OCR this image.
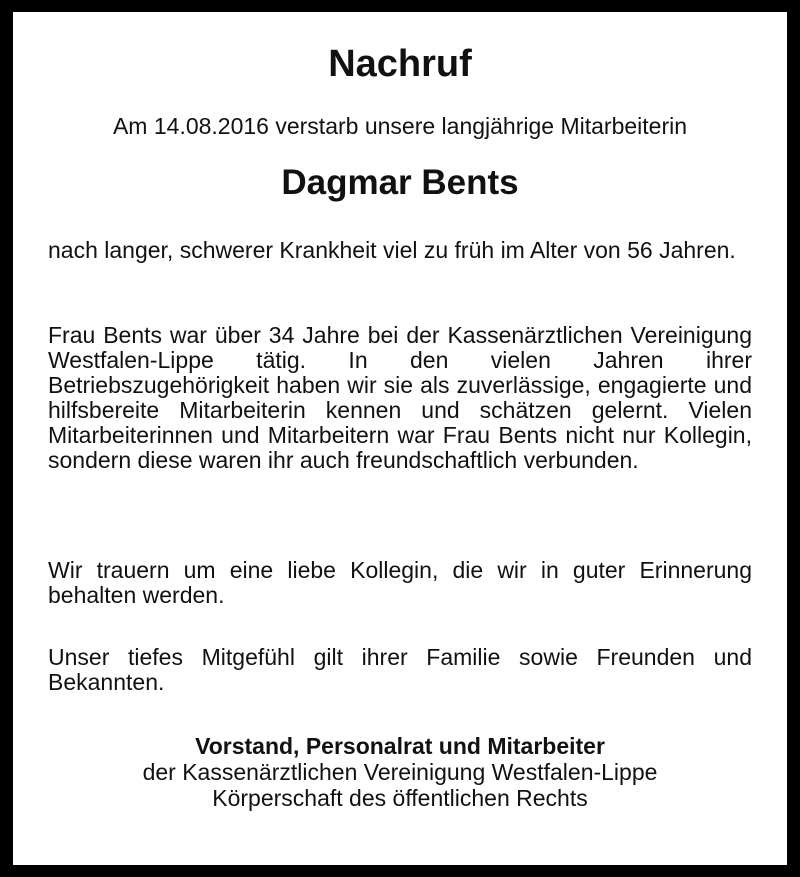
Nachruf
Am 14.08.2016 verstarb unsere langjährige Mitarbeiterin
Dagmar Bents
nach langer, schwerer Krankheit viel zu früh im Alter von 56 Jahren.
Frau Bents war über 34 Jahre bei der Kassenärztlichen Vereinigung Westfalen-Lippe tätig. In den vielen Jahren ihrer Betriebszugehörigkeit haben wir sie als zuverlässige, engagierte und hilfsbereite Mitarbeiterin kennen und schätzen gelernt. Vielen Mitarbeiterinnen und Mitarbeitern war Frau Bents nicht nur Kollegin, sondern diese waren ihr auch freundschaftlich verbunden.
Wir trauern um eine liebe Kollegin, die wir in guter Erinnerung behalten werden.
Unser tiefes Mitgefühl gilt ihrer Familie sowie Freunden und Bekannten.
Vorstand, Personalrat und Mitarbeiter
der Kassenärztlichen Vereinigung Westfalen-Lippe
Körperschaft des öffentlichen Rechts
